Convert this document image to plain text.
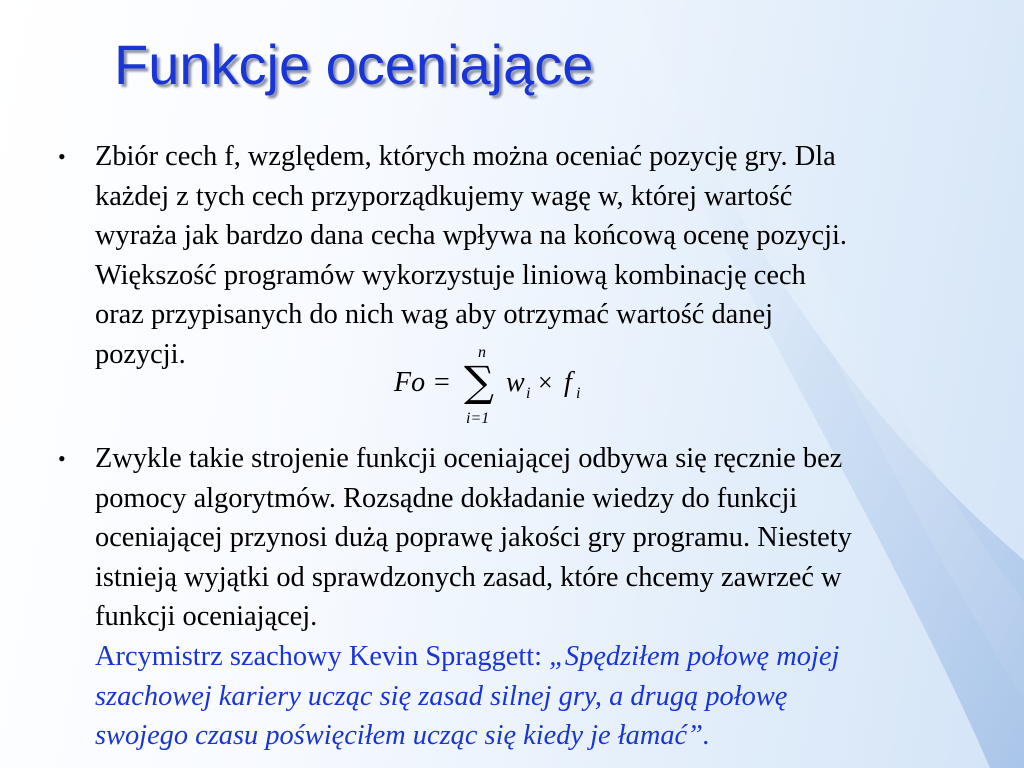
Funkcje oceniające
• Zbiór cech f, względem, których można oceniać pozycję gry. Dla
każdej z tych cech przyporządkujemy wagę w, której wartość
wyraża jak bardzo dana cecha wpływa na końcową ocenę pozycji.
Większość programów wykorzystuje liniową kombinację cech
oraz przypisanych do nich wag aby otrzymać wartość danej
pozycji.
Fo =
n
∑
i=1
w i × f i
• Zwykle takie strojenie funkcji oceniającej odbywa się ręcznie bez
pomocy algorytmów. Rozsądne dokładanie wiedzy do funkcji
oceniającej przynosi dużą poprawę jakości gry programu. Niestety
istnieją wyjątki od sprawdzonych zasad, które chcemy zawrzeć w
funkcji oceniającej.
Arcymistrz szachowy Kevin Spraggett: „Spędziłem połowę mojej
szachowej kariery ucząc się zasad silnej gry, a drugą połowę
swojego czasu poświęciłem ucząc się kiedy je łamać”.
